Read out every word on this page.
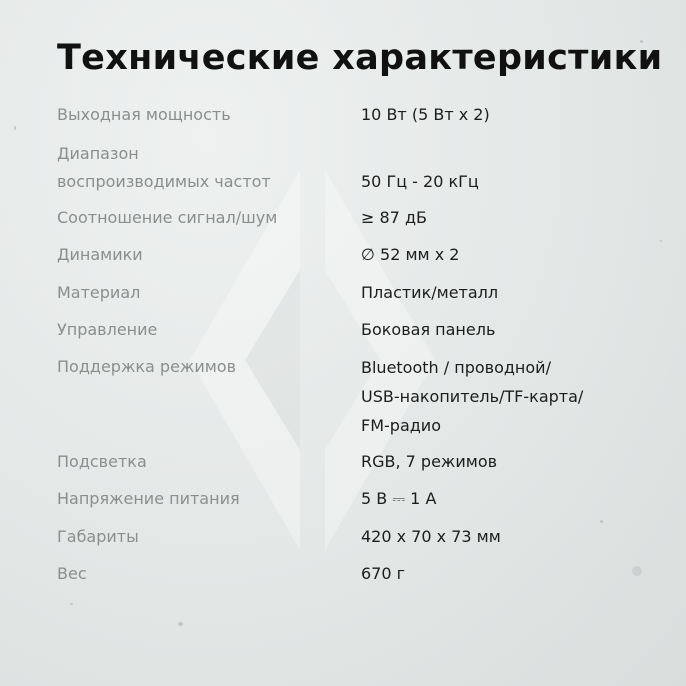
Технические характеристики
Выходная мощность	10 Вт (5 Вт x 2)
Диапазон
воспроизводимых частот	50 Гц - 20 кГц
Соотношение сигнал/шум	≥ 87 дБ
Динамики	∅ 52 мм x 2
Материал	Пластик/металл
Управление	Боковая панель
Поддержка режимов	Bluetooth / проводной/
USB-накопитель/TF-карта/
FM-радио
Подсветка	RGB, 7 режимов
Напряжение питания	5 В ⎓ 1 А
Габариты	420 x 70 x 73 мм
Вес	670 г
